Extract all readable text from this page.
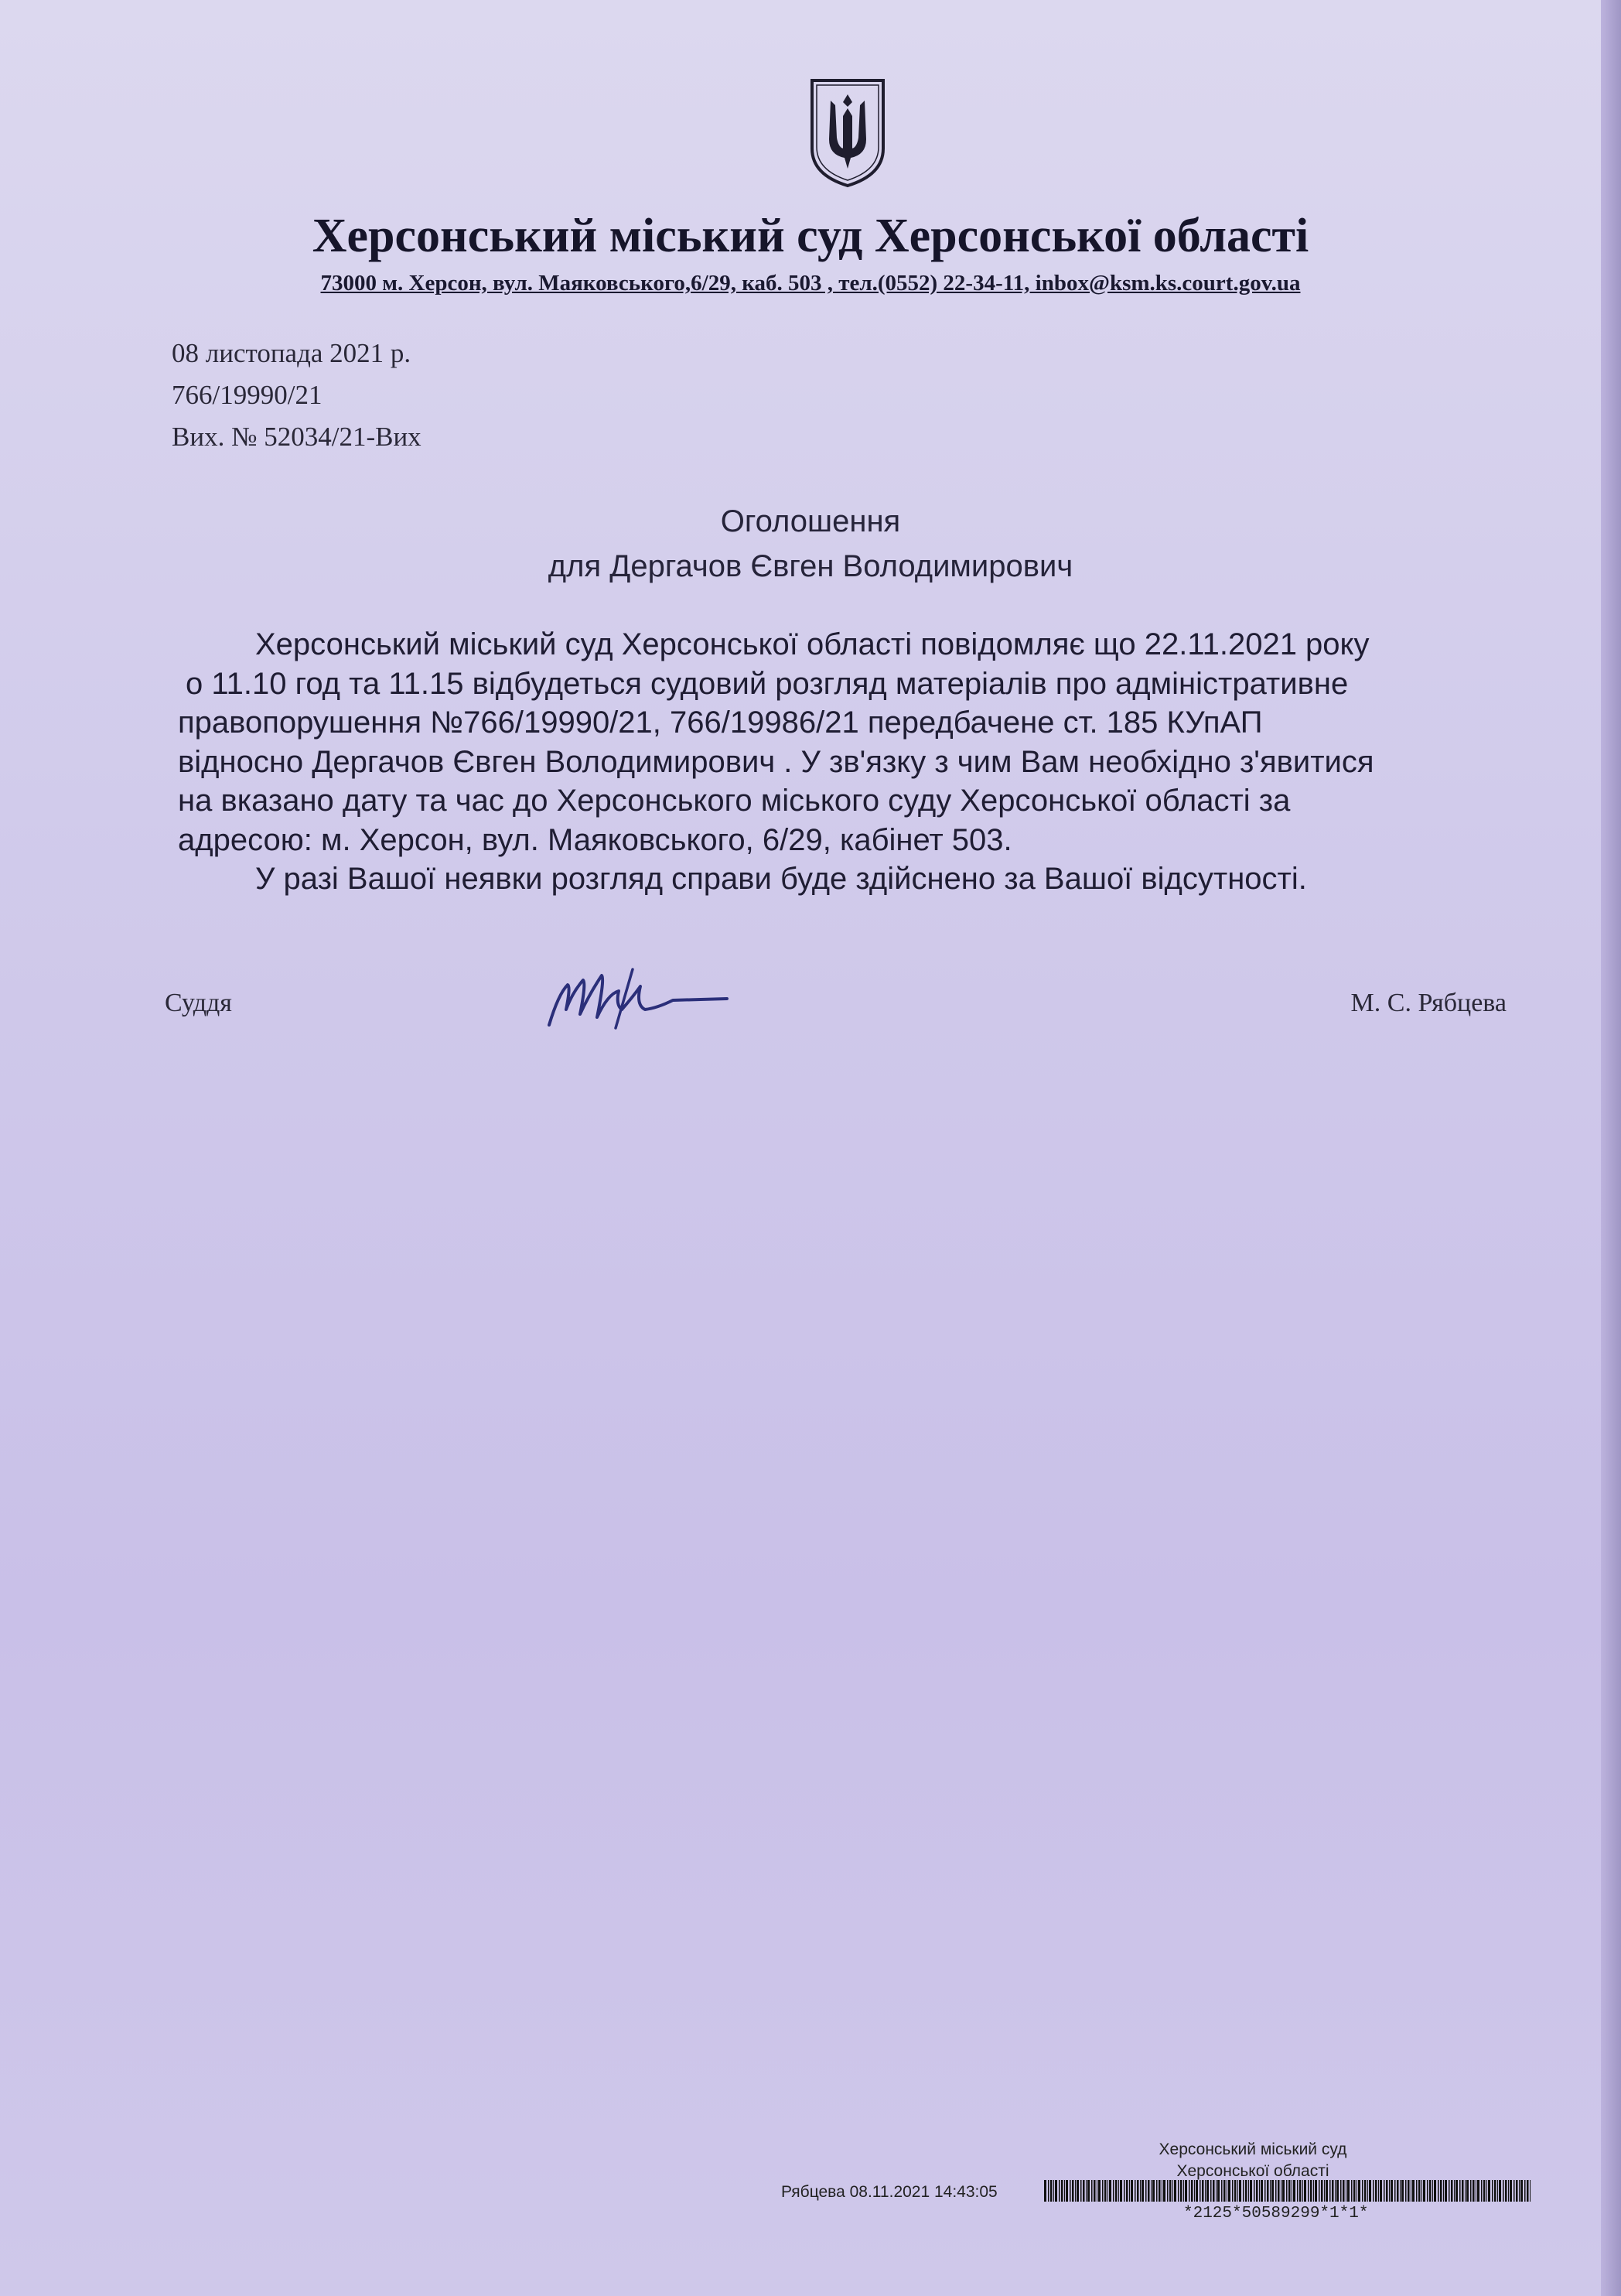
Херсонський міський суд Херсонської області
73000 м. Херсон, вул. Маяковського,6/29, каб. 503 , тел.(0552) 22-34-11, inbox@ksm.ks.court.gov.ua
08 листопада 2021 р.
766/19990/21
Вих. № 52034/21-Вих
Оголошення
для Дергачов Євген Володимирович
Херсонський міський суд Херсонської області повідомляє що 22.11.2021 року
о 11.10 год та 11.15 відбудеться судовий розгляд матеріалів про адміністративне
правопорушення №766/19990/21, 766/19986/21 передбачене ст. 185 КУпАП
відносно Дергачов Євген Володимирович . У зв'язку з чим Вам необхідно з'явитися
на вказано дату та час до Херсонського міського суду Херсонської області за
адресою: м. Херсон, вул. Маяковського, 6/29, кабінет 503.
У разі Вашої неявки розгляд справи буде здійснено за Вашої відсутності.
Суддя	М. С. Рябцева
Херсонський міський суд
Херсонської області
Рябцева 08.11.2021 14:43:05
*2125*50589299*1*1*
